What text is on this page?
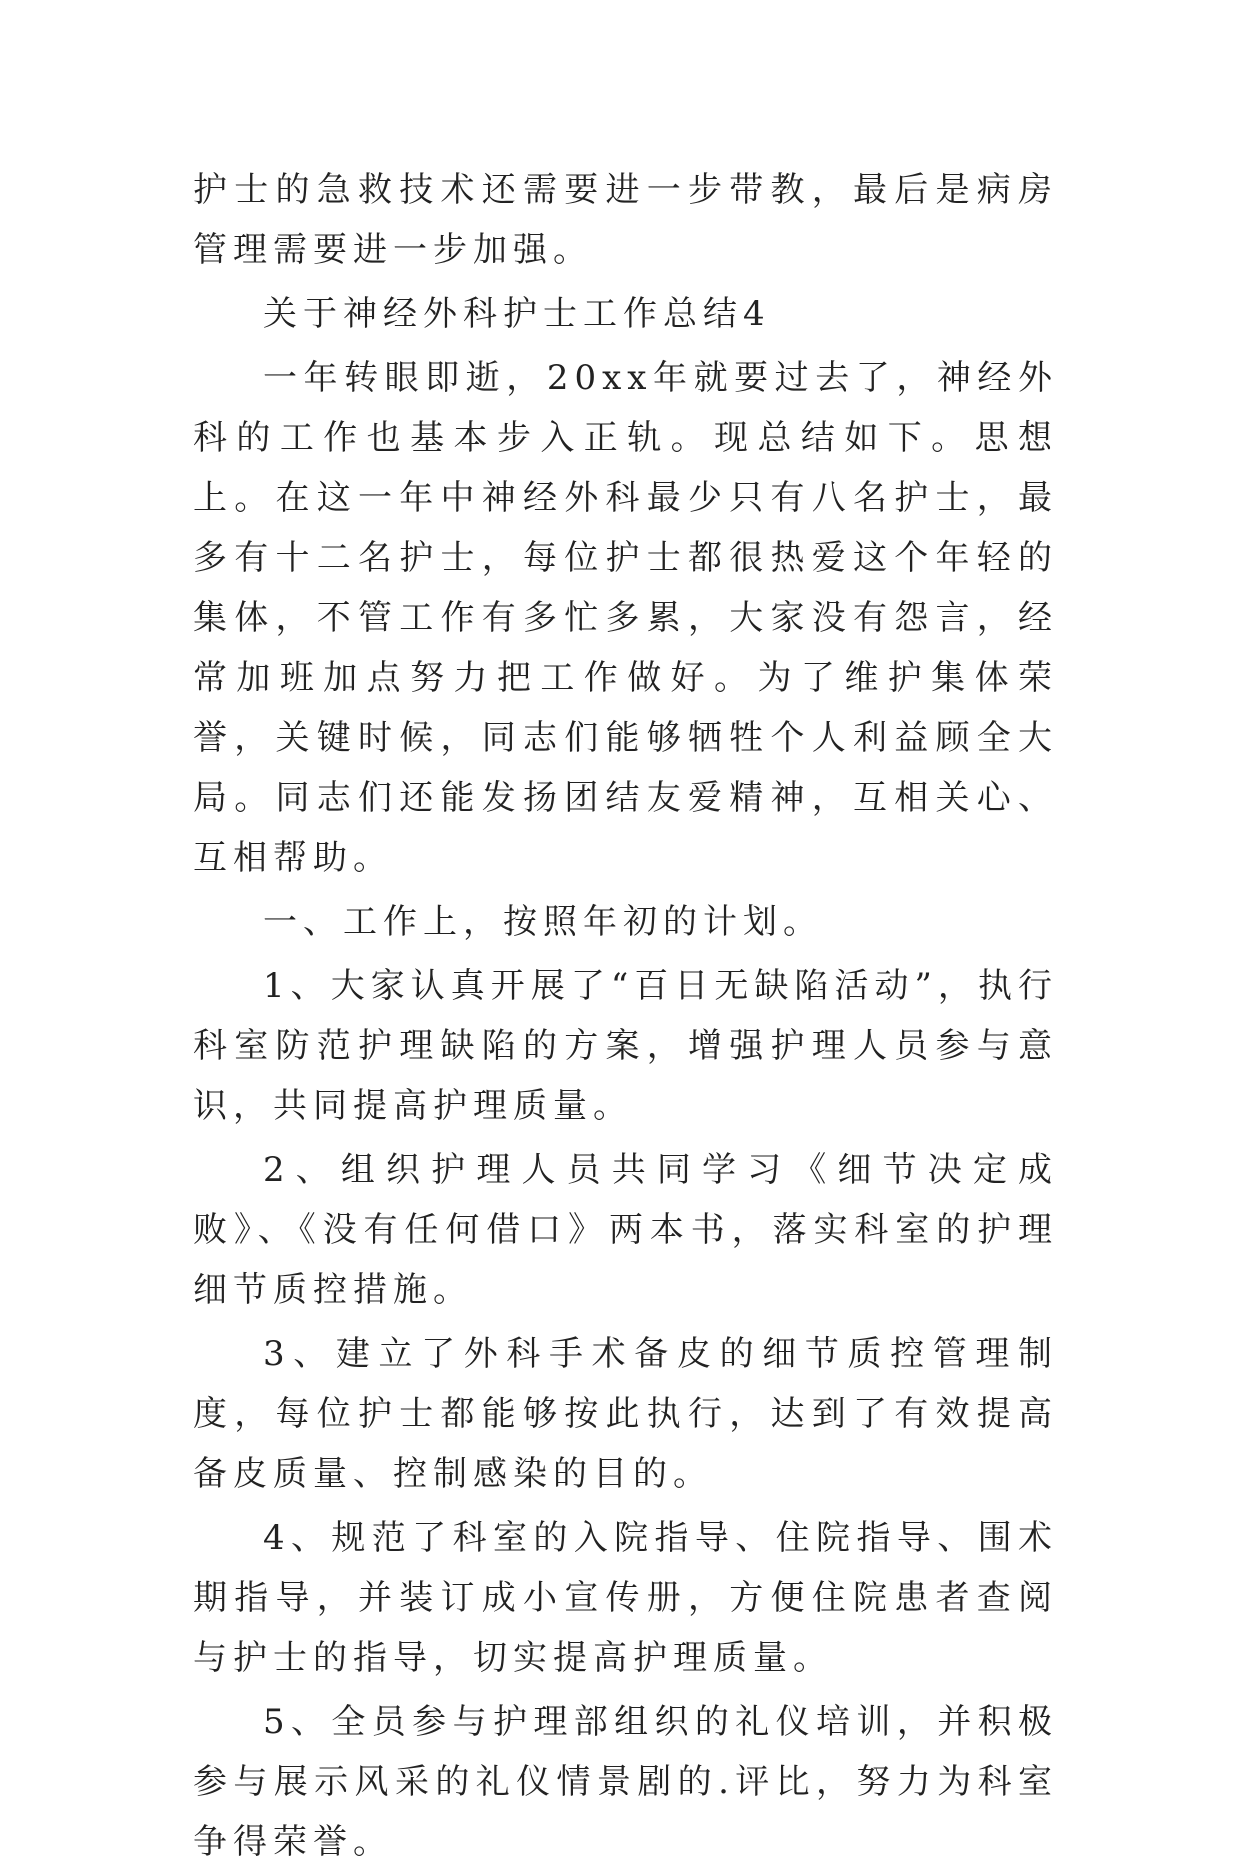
护士的急救技术还需要进一步带教，最后是病房管理需要进一步加强。

关于神经外科护士工作总结4

一年转眼即逝，20xx年就要过去了，神经外科的工作也基本步入正轨。现总结如下。思想上。在这一年中神经外科最少只有八名护士，最多有十二名护士，每位护士都很热爱这个年轻的集体，不管工作有多忙多累，大家没有怨言，经常加班加点努力把工作做好。为了维护集体荣誉，关键时候，同志们能够牺牲个人利益顾全大局。同志们还能发扬团结友爱精神，互相关心、互相帮助。

一、工作上，按照年初的计划。

1、大家认真开展了“百日无缺陷活动”，执行科室防范护理缺陷的方案，增强护理人员参与意识，共同提高护理质量。

2、组织护理人员共同学习《细节决定成败》、《没有任何借口》两本书，落实科室的护理细节质控措施。

3、建立了外科手术备皮的细节质控管理制度，每位护士都能够按此执行，达到了有效提高备皮质量、控制感染的目的。

4、规范了科室的入院指导、住院指导、围术期指导，并装订成小宣传册，方便住院患者查阅与护士的指导，切实提高护理质量。

5、全员参与护理部组织的礼仪培训，并积极参与展示风采的礼仪情景剧的.评比，努力为科室争得荣誉。
